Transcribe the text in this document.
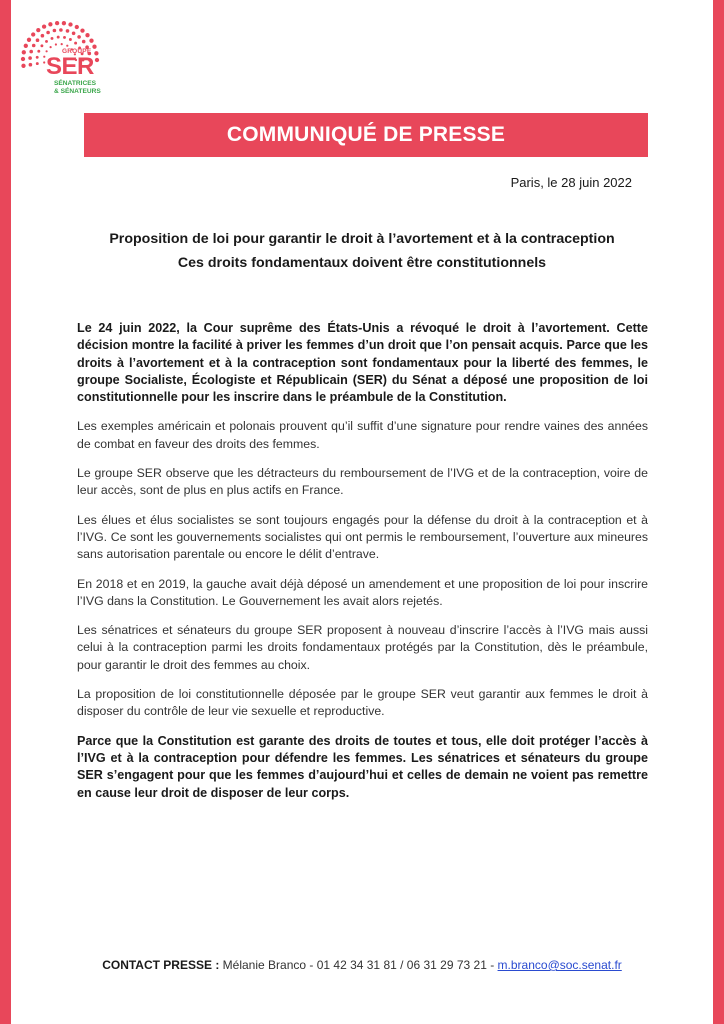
GROUPE
SER
SÉNATRICES
& SÉNATEURS
COMMUNIQUÉ DE PRESSE
Paris, le 28 juin 2022
Proposition de loi pour garantir le droit à l’avortement et à la contraception
Ces droits fondamentaux doivent être constitutionnels

Le 24 juin 2022, la Cour suprême des États-Unis a révoqué le droit à l’avortement. Cette décision montre la facilité à priver les femmes d’un droit que l’on pensait acquis. Parce que les droits à l’avortement et à la contraception sont fondamentaux pour la liberté des femmes, le groupe Socialiste, Écologiste et Républicain (SER) du Sénat a déposé une proposition de loi constitutionnelle pour les inscrire dans le préambule de la Constitution.

Les exemples américain et polonais prouvent qu’il suffit d’une signature pour rendre vaines des années de combat en faveur des droits des femmes.

Le groupe SER observe que les détracteurs du remboursement de l’IVG et de la contraception, voire de leur accès, sont de plus en plus actifs en France.

Les élues et élus socialistes se sont toujours engagés pour la défense du droit à la contraception et à l’IVG. Ce sont les gouvernements socialistes qui ont permis le remboursement, l’ouverture aux mineures sans autorisation parentale ou encore le délit d’entrave.

En 2018 et en 2019, la gauche avait déjà déposé un amendement et une proposition de loi pour inscrire l’IVG dans la Constitution. Le Gouvernement les avait alors rejetés.

Les sénatrices et sénateurs du groupe SER proposent à nouveau d’inscrire l’accès à l’IVG mais aussi celui à la contraception parmi les droits fondamentaux protégés par la Constitution, dès le préambule, pour garantir le droit des femmes au choix.

La proposition de loi constitutionnelle déposée par le groupe SER veut garantir aux femmes le droit à disposer du contrôle de leur vie sexuelle et reproductive.

Parce que la Constitution est garante des droits de toutes et tous, elle doit protéger l’accès à l’IVG et à la contraception pour défendre les femmes. Les sénatrices et sénateurs du groupe SER s’engagent pour que les femmes d’aujourd’hui et celles de demain ne voient pas remettre en cause leur droit de disposer de leur corps.

CONTACT PRESSE : Mélanie Branco - 01 42 34 31 81 / 06 31 29 73 21 - m.branco@soc.senat.fr
